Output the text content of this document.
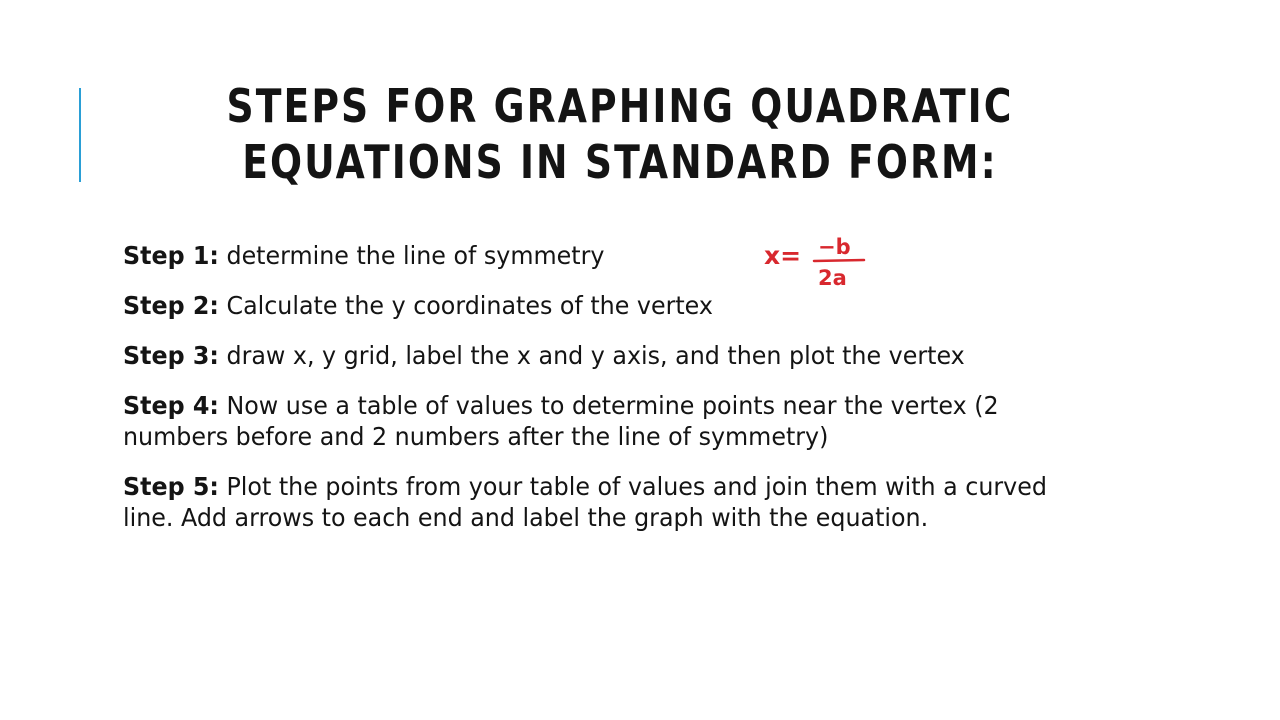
STEPS FOR GRAPHING QUADRATIC EQUATIONS IN STANDARD FORM:

Step 1: determine the line of symmetry

Step 2: Calculate the y coordinates of the vertex

Step 3: draw x, y grid, label the x and y axis, and then plot the vertex

Step 4: Now use a table of values to determine points near the vertex (2 numbers before and 2 numbers after the line of symmetry)

Step 5: Plot the points from your table of values and join them with a curved line. Add arrows to each end and label the graph with the equation.

x= −b
2a
